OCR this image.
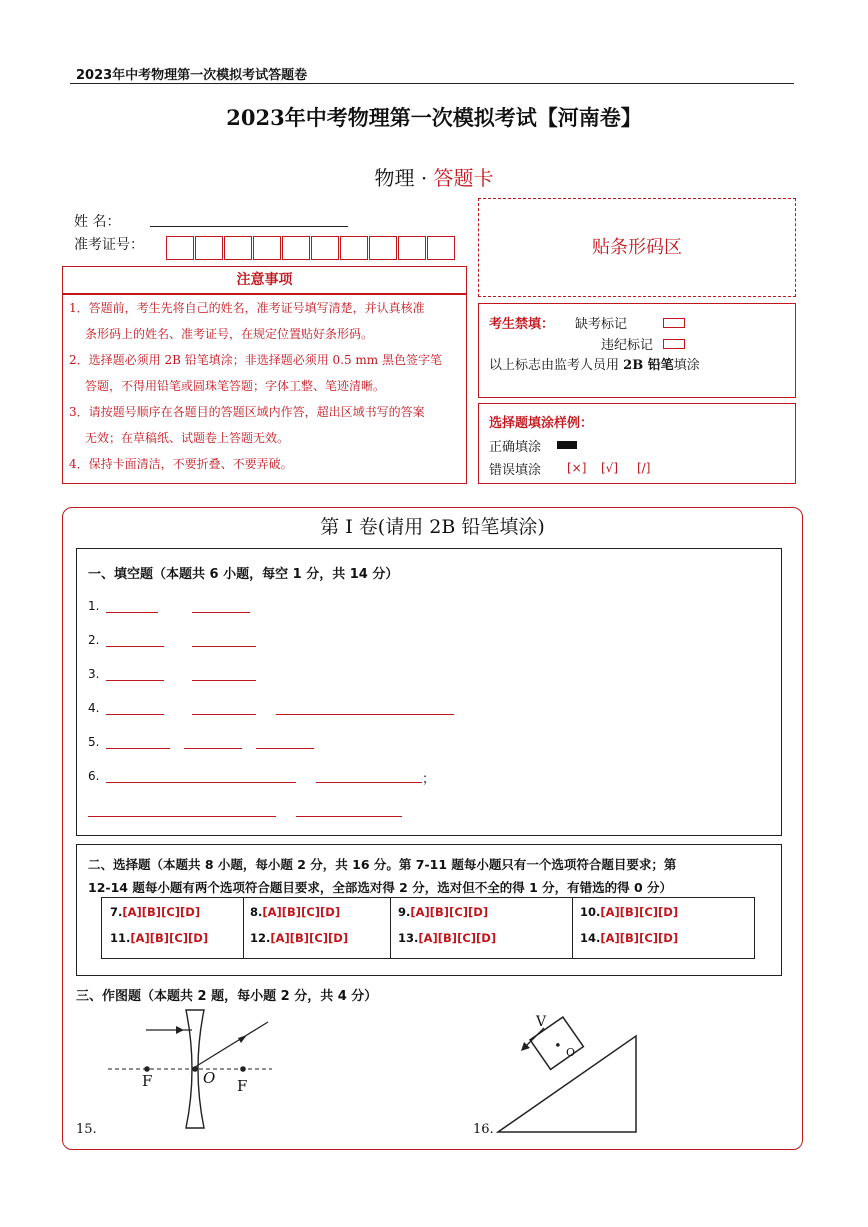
2023年中考物理第一次模拟考试答题卷
2023年中考物理第一次模拟考试【河南卷】
物理 · 答题卡
姓 名：
准考证号：	贴条形码区
注意事项
1．答题前，考生先将自己的姓名，准考证号填写清楚，并认真核准
条形码上的姓名、准考证号，在规定位置贴好条形码。
2．选择题必须用 2B 铅笔填涂；非选择题必须用 0.5 mm 黑色签字笔
答题，不得用铅笔或圆珠笔答题；字体工整、笔迹清晰。
3．请按题号顺序在各题目的答题区域内作答，超出区域书写的答案
无效；在草稿纸、试题卷上答题无效。
4．保持卡面清洁，不要折叠、不要弄破。
考生禁填： 缺考标记
违纪标记
以上标志由监考人员用 2B 铅笔填涂
选择题填涂样例：
正确填涂
错误填涂 [×] [√] [/]
第 I 卷(请用 2B 铅笔填涂)
一、填空题（本题共 6 小题，每空 1 分，共 14 分）
1.
2.
3.
4.
5.
6.	；
二、选择题（本题共 8 小题，每小题 2 分，共 16 分。第 7-11 题每小题只有一个选项符合题目要求；第
12-14 题每小题有两个选项符合题目要求，全部选对得 2 分，选对但不全的得 1 分，有错选的得 0 分）
7.[A][B][C][D]	8.[A][B][C][D]	9.[A][B][C][D]	10.[A][B][C][D]
11.[A][B][C][D]	12.[A][B][C][D]	13.[A][B][C][D]	14.[A][B][C][D]
三、作图题（本题共 2 题，每小题 2 分，共 4 分）
F	O F
15.
V
O
16.
